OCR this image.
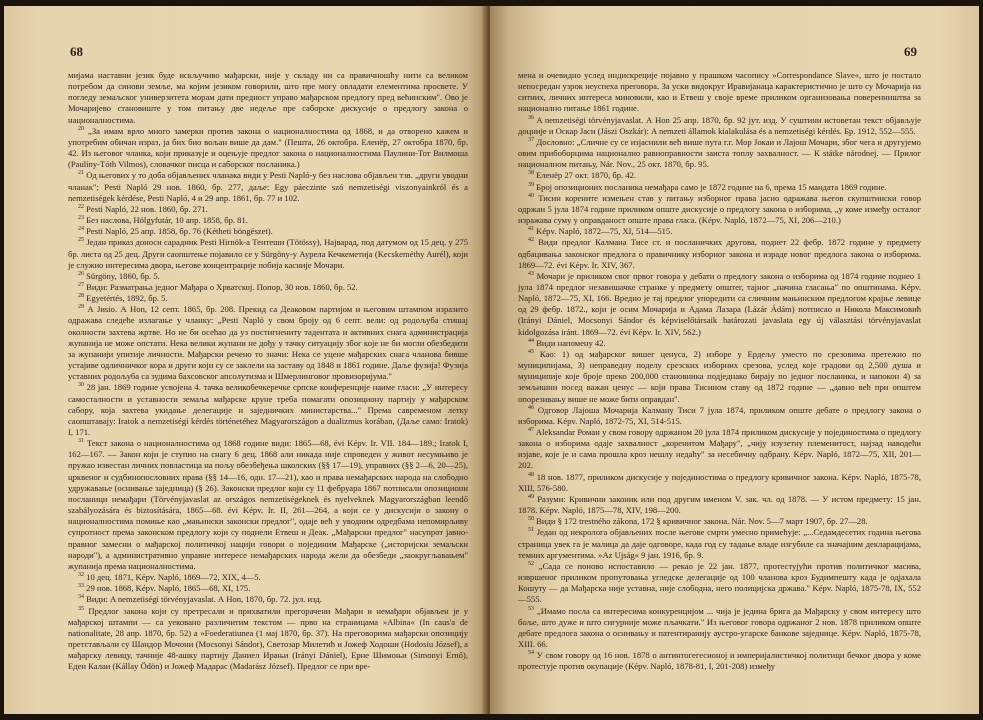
68

мијама наставни језик буде искључиво мађарски, није у складу ни са правичношћу нити са великом потребом да синови земље, ма којим језиком говорили, што пре могу овладати елементима просвете. У погледу земаљског универзитета морам дати предност управо мађарском предлогу пред већинским". Ово је Мочаријево становиште у том питању две недеље пре саборске дискусије о предлогу закона о националностима.

$^{20}$ „За имам врло много замерки против закона о националностима од 1868, и да отворено кажем и употребим обичан израз, ја бих био вољан више да дам." (Пешта, 26 октобра. Еленёр, 27 октобра 1870, бр. 42. Из његовог чланка, који приказује и оцењује предлог закона о националностима Паулини-Тот Вилмоша (Paulíny-Tóth Vilmos), словачког писца и саборског посланика.)

$^{21}$ Од његових у то доба објављених чланака види у Pesti Napló-у без наслова објављен тзв. „други уводни чланак"; Pesti Napló 29 нов. 1860, бр. 277, даље: Egy páесzinte szó nemzetiségi viszonyainkról és a nemzetiségek kérdése, Pesti Napló, 4 и 29 апр. 1861, бр. 77 и 102.

$^{22}$ Pesti Napló, 22 нов. 1860, бр. 271.

$^{23}$ Без наслова, Hölgyfutár, 10 апр. 1858, бр. 81.

$^{24}$ Pesti Napló, 25 апр. 1858, бр. 76 (Kétheti böngészet).

$^{25}$ Један приказ доноси сарадник Pesti Hirnök-а Тентеши (Tötössy), Најварад, под датумом од 15 дец. у 275 бр. листа од 25 дец. Други саопштење појавило се у Sürgöny-у Аурела Кечкеметија (Kecskeméthy Aurél), који је служио интересима двора, његове концентрације побија касније Мочари.

$^{26}$ Sürgöny, 1860, бр. 5.

$^{27}$ Види: Разматрања једног Мађара о Хрватској. Попор, 30 нов. 1860, бр. 52.

$^{28}$ Egyetértés, 1892, бр. 5.

$^{29}$ А Jиsiо. А Hon, 12 септ. 1865, бр. 208. Прекид са Деаковом партијом и његовим штампом изразито одражава следеће излагање у чланку: „Pesti Napló у свом броју од 6 септ. вели: од родољуба стишај околности захтева жртве. Но не би осећао да уз постигнениту тадентата и активних снага администрација жупанија не може опстати. Нека велики жупани не дођу у тачку ситуацију због које не би могли обезбедити за жупанији упитије личности. Мађарски речено то значи: Нека се уцене мађарских снага чланова бивше устајиве одличничког кора и други који су се заклели на заставу од 1848 и 1861 године. Даље фузија! Фузија уставних родољуба са зудима бахсовског апсолутизма и Шмерлинговог провизоријума."

$^{30}$ 28 јан. 1869 године усвојена 4. тачка великобечкеречке српске конференције наиме гласи: „У интересу самосталности и уставности земаља мађарске круне треба помагати опозициону партију у мађарском сабору, која захтева укидање делегације и заједничких министарства..." Према савременом летку саопштавају: Iratok a nemzetiségi kérdés történetéhez Magyarországon a dualizmus korában, (Даље само: Iratok) I, 171.

$^{31}$ Текст закона о националностима од 1868 године види: 1865—68, évi Képv. Ir. VII. 184—189.; Iratok I, 162—167. — Закон који је ступио на снагу 6 дец. 1868 али никада није спроведен у живот несумњиво је пружао известан личних повластица на пољу обезбеђења школских (§§ 17—19), управних (§§ 2—6, 20—25), црквеног и судбинопословних права (§§ 14—16, одн. 17—21), као и права немађарских народа на слободно удружавање (оснивање заједница) (§ 26). Законски предлог који су 11 фебруара 1867 потписали опозициони посланици немађари (Törvényjavaslat az országos nemzetiségeknek és nyelveknek Magyarországban leendő szabályozására és biztosítására, 1865—68. évi Képv. Ir. II, 261—264, а који се у дискусији о закону о националностима помиње као „мањински законски предлог", одаје већ у уводним одредбама непомирљиву супротност према законском предлогу који су поднели Етвеш и Деак. „Мађарски предлог" насупрот јавно-правног замесни о мађарској политичкој нацији говори о појединим Мађарске („историјски земаљски народи"), а административно управне интересе немађарских народа жели да обезбеди „заокругљавањем" жупанија према националностима.

$^{32}$ 10 дец. 1871, Képv. Napló, 1869—72, XIX, 4—5.

$^{33}$ 29 нов. 1868, Képv. Napló, 1865—68, XI, 175.

$^{34}$ Види: A nemzetiségi törvényjavaslat. А Hon, 1870, бр. 72. јул. изд.

$^{35}$ Предлог закона који су претресали и прихватили прегорачени Мађари и немађари објављен је у мађарској штампи — са уековано различитим текстом — прво на страницама »Albina« (In caus'a de nationalitate, 28 апр. 1870, бр. 52) а »Foederatiunea (1 мај 1870, бр. 37). На преговорима мађарски опозицију претстављали су Шандор Мочони (Mocsonyi Sándor), Светозар Милетић и Јожеф Ходоши (Hodosiu József), а мађарску левицу, тачније 48-ашку партију Даниел Ирањи (Irányi Dániel), Ерне Шимоњи (Simonyi Ernő), Еден Калаи (Kállay Ödön) и Јожеф Мадарас (Madarász József). Предлог се при вре-

69

мена и очевидно услед индискреције појавио у прашком часопису »Correspondance Slave«, што је постало непосредан узрок неуспеха преговора. За уски видокруг Иравијанаца карактеристично је што су Мочарија на ситних, личних интереса миновили, као и Етвеш у своје време приликом организовања поверенништва за национално питање 1861 године.

$^{36}$ A nemzetiségi törvényjavaslat. А Hon 25 апр. 1870, бр. 92 јут. изд. У суштини истоветан текст објављује доцније и Оскар Јаси (Jászi Oszkár): A nemzeti államok kialakulása és a nemzetiségi kérdés. Бр. 1912, 552—555.

$^{37}$ Дословно: „Сличне су се изјаснили већ више пута г.г. Мор Јокаи и Лајош Мочари, због чега и другујемо овим прибоборцима национално равноправности заиста топлу захвалност. — К státke národnej. — Прилог националном питању, Nár. Nov., 25 окт. 1870, бр. 95.

$^{38}$ Еленёр 27 окт. 1870, бр. 42.

$^{39}$ Број опозиционих посланика немађара само је 1872 године на 6, према 15 мандата 1869 године.

$^{40}$ Тисин корените измењен став у питању изборног права јасно одражава његов скупштински говор одржан 5 јула 1874 године приликом опште дискусије о предлогу закона о изборима, „у коме између осталог изражава суму у оправданост опште права гласа. (Képv. Napló, 1872—75, XI, 206—210.)

$^{41}$ Képv. Napló, 1872—75, XI, 514—515.

$^{42}$ Види предлог Калмана Тисе ст. и посланичких другова, поднет 22 фебр. 1872 године у предмету одбацивања законског предлога о правичнику изборног закона и израде новог предлога закона о изборима. 1869—72. évi Képv. Ir. XIV, 367.

$^{43}$ Мочари је приликом свог првог говора у дебати о предлогу закона о изборима од 1874 године поднео 1 јула 1874 предлог незавишачке странке у предмету општег, тајног „начина гласања" по општинама. Képv. Napló, 1872—75, XI, 166. Вредно је тај предлог упоредити са сличним мањинским предлогом краjње левице од 29 фебр. 1872., који је осим Мочарија и Адама Лазара (Lázár Ádám) потписао и Никола Максимовић (Irányi Dániel, Mocsonyi Sándor és képviselőtársaik határozati javaslata egy új választási törvényjavaslat kidolgozása iránt. 1869—72. évi Képv. Ir. XIV, 562.)

$^{44}$ Види напомену 42.

$^{45}$ Као: 1) од мађарског вишег ценуса, 2) изборе у Ердељу уместо по срезовима претежно по муниципијама, 3) неправедну поделу срезских изборних срезова, услед које градови од 2,500 душа и муниципије које броје преко 200,000 становника подједнако бирају по једног посланика, и напокон 4) за земљишни посед важан ценус — који права Тисином ставу од 1872 године — „давно већ при општем опорезивању више не може бити оправдан".

$^{46}$ Одговор Лајоша Мочарија Калману Тиси 7 јула 1874, приликом опште дебате о предлогу закона о изборима. Képv. Napló, 1872-75, XI, 514-515.

$^{47}$ Aleksandar Роман у свом говору одржаном 20 јула 1874 приликом дискусије у појединостима о предлогу закона о изборима одаје захвалност „коренитом Мађару", „чију изузетну племенитост, најзад наводећи изјаве, које је и сама прошла кроз нешлу недаћу" за несебичну одбрану. Képv. Napló, 1872—75, XII, 201—202.

$^{48}$ 18 нов. 1877, приликом дискусије у појединостима о предлогу кривичног закона. Képv. Napló, 1875-78, XIII, 576-580.

$^{49}$ Разуми: Кривични законик или под другим именом V. зак. чл. од 1878. — У истом предмету: 15 јан. 1878. Képv. Napló, 1875—78, XIV, 198—200.

$^{50}$ Види § 172 trestného zákona, 172 § кривичног закона. Nár. Nov. 5—7 март 1907, бр. 27—28.

$^{51}$ Један од некролога објављених после његове смрти умесно примећује: „...Седамдесетих година његова страница увек га је малица да даје одговоре, када год су тадање владе изгубиле са значајним декларацијама, темних аргументима. »Az Ujság« 9 јан. 1916, бр. 9.

$^{52}$ „Сада се поново испоставило — рекао је 22 јан. 1877, протестујући против политичког масива, извршеног приликом пропутовања угледске делегације од 100 чланова кроз Будимпешту када је одјахала Кошуту — да Мађарска није уставна, није слободна, него полицијска држава." Képv. Napló, 1875-78, IX, 552—555.

$^{53}$ „Имамо посла са интересима конкуренцијом ... чија је једина брига да Мађарску у свом интересу што боље, што дуже и што сигурније може пљачкати." Из његовог говора одржаног 2 нов. 1878 приликом опште дебате предлога закона о оснивању и патентиранију аустро-угарске банкове заједнице. Képv. Napló, 1875-78, XIII. 66.

$^{54}$ У свом говору од 16 нов. 1878 о антинтогегесионој и империјалистичкој политици бечког двора у коме протестује против окупације (Képv. Napló, 1878-81, I, 201-208) између
